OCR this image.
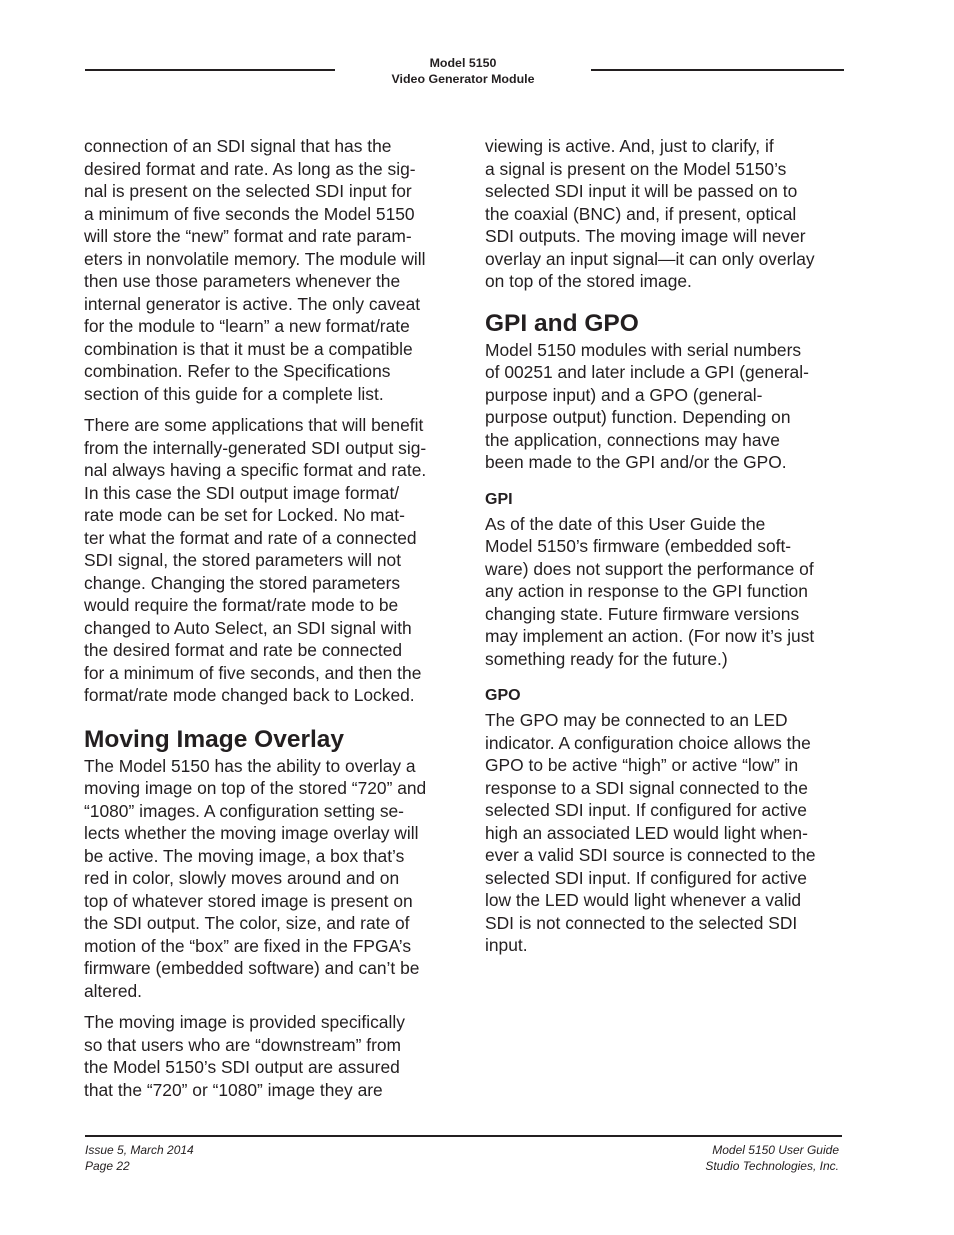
Model 5150
Video Generator Module

connection of an SDI signal that has the
desired format and rate. As long as the sig-
nal is present on the selected SDI input for
a minimum of five seconds the Model 5150
will store the “new” format and rate param-
eters in nonvolatile memory. The module will
then use those parameters whenever the
internal generator is active. The only caveat
for the module to “learn” a new format/rate
combination is that it must be a compatible
combination. Refer to the Specifications
section of this guide for a complete list.

There are some applications that will benefit
from the internally-generated SDI output sig-
nal always having a specific format and rate.
In this case the SDI output image format/
rate mode can be set for Locked. No mat-
ter what the format and rate of a connected
SDI signal, the stored parameters will not
change. Changing the stored parameters
would require the format/rate mode to be
changed to Auto Select, an SDI signal with
the desired format and rate be connected
for a minimum of five seconds, and then the
format/rate mode changed back to Locked.

Moving Image Overlay

The Model 5150 has the ability to overlay a
moving image on top of the stored “720” and
“1080” images. A configuration setting se-
lects whether the moving image overlay will
be active. The moving image, a box that’s
red in color, slowly moves around and on
top of whatever stored image is present on
the SDI output. The color, size, and rate of
motion of the “box” are fixed in the FPGA’s
firmware (embedded software) and can’t be
altered.

The moving image is provided specifically
so that users who are “downstream” from
the Model 5150’s SDI output are assured
that the “720” or “1080” image they are

viewing is active. And, just to clarify, if
a signal is present on the Model 5150’s
selected SDI input it will be passed on to
the coaxial (BNC) and, if present, optical
SDI outputs. The moving image will never
overlay an input signal—it can only overlay
on top of the stored image.

GPI and GPO

Model 5150 modules with serial numbers
of 00251 and later include a GPI (general-
purpose input) and a GPO (general-
purpose output) function. Depending on
the application, connections may have
been made to the GPI and/or the GPO.

GPI

As of the date of this User Guide the
Model 5150’s firmware (embedded soft-
ware) does not support the performance of
any action in response to the GPI function
changing state. Future firmware versions
may implement an action. (For now it’s just
something ready for the future.)

GPO

The GPO may be connected to an LED
indicator. A configuration choice allows the
GPO to be active “high” or active “low” in
response to a SDI signal connected to the
selected SDI input. If configured for active
high an associated LED would light when-
ever a valid SDI source is connected to the
selected SDI input. If configured for active
low the LED would light whenever a valid
SDI is not connected to the selected SDI
input.

Issue 5, March 2014
Page 22
Model 5150 User Guide
Studio Technologies, Inc.
